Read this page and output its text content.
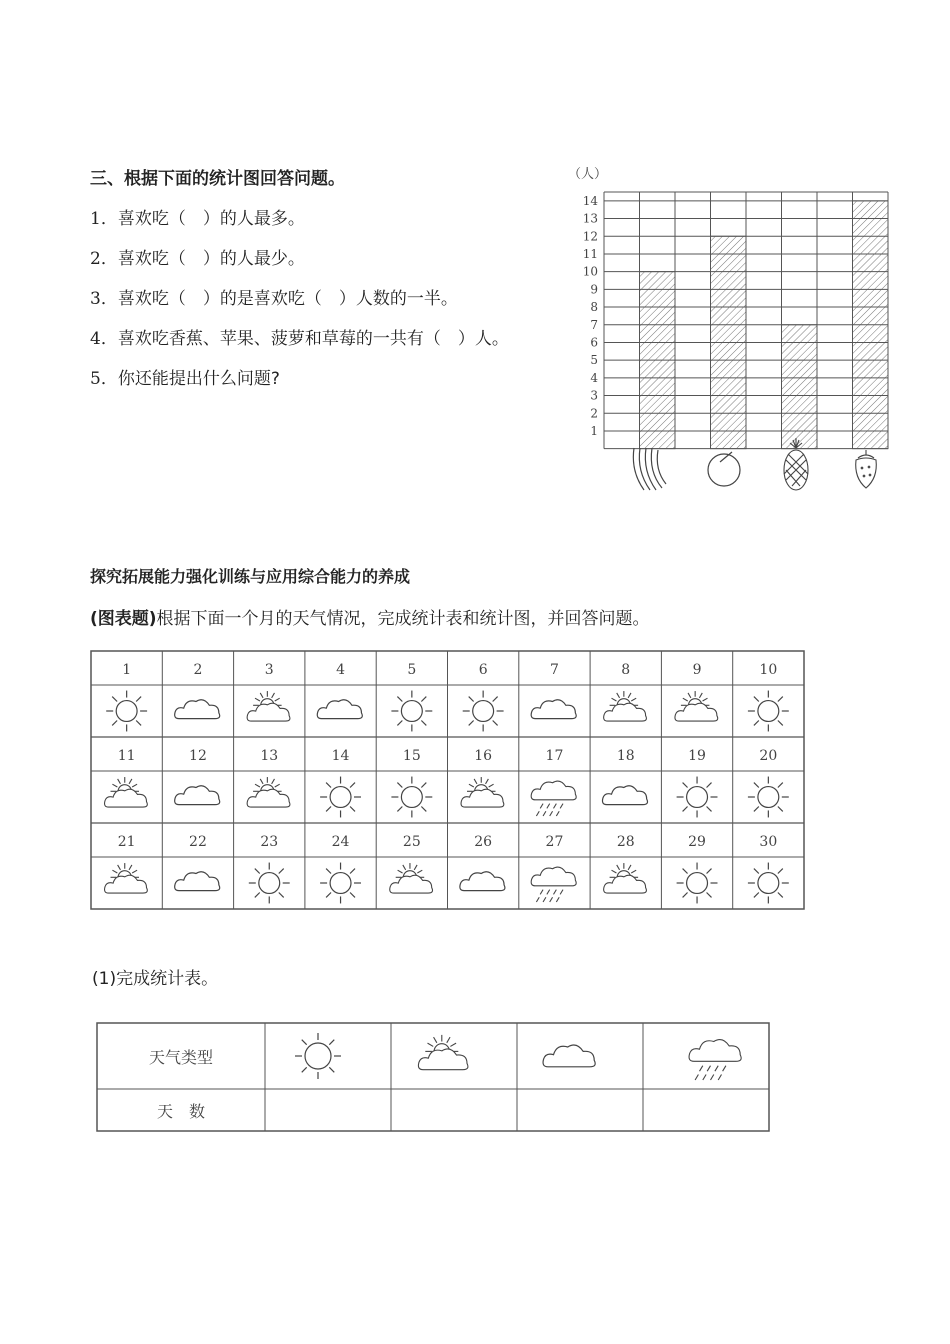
三、根据下面的统计图回答问题。
1．喜欢吃（　）的人最多。
2．喜欢吃（　）的人最少。
3．喜欢吃（　）的是喜欢吃（　）人数的一半。
4．喜欢吃香蕉、苹果、菠萝和草莓的一共有（　）人。
5．你还能提出什么问题?
（人）
1
2
3
4
5
6
7
8
9
10
11
12
13
14
探究拓展能力强化训练与应用综合能力的养成
(图表题)根据下面一个月的天气情况，完成统计表和统计图，并回答问题。
1	2	3	4	5	6	7	8	9	10
11	12	13	14	15	16	17	18	19	20
21	22	23	24	25	26	27	28	29	30
(1)完成统计表。
天气类型
天　数
